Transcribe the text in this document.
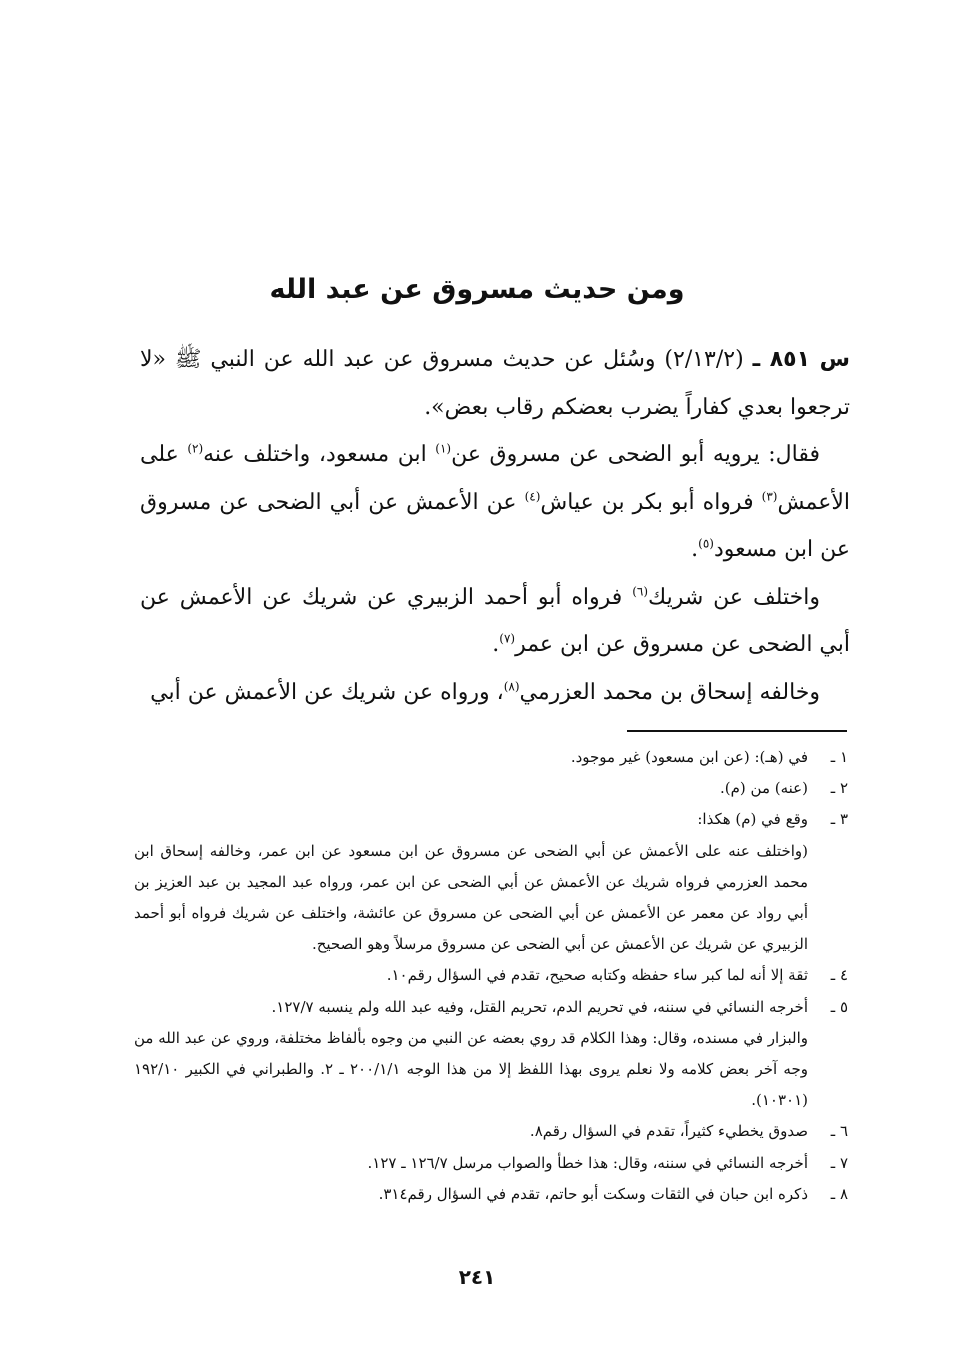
ومن حديث مسروق عن عبد الله

س ٨٥١ ـ (٢/١٣/٢) وسُئل عن حديث مسروق عن عبد الله عن النبي ﷺ «لا ترجعوا بعدي كفاراً يضرب بعضكم رقاب بعض».

فقال: يرويه أبو الضحى عن مسروق عن$^{(١)}$ ابن مسعود، واختلف عنه$^{(٢)}$ على الأعمش$^{(٣)}$ فرواه أبو بكر بن عياش$^{(٤)}$ عن الأعمش عن أبي الضحى عن مسروق عن ابن مسعود$^{(٥)}$.

واختلف عن شريك$^{(٦)}$ فرواه أبو أحمد الزبيري عن شريك عن الأعمش عن أبي الضحى عن مسروق عن ابن عمر$^{(٧)}$.

وخالفه إسحاق بن محمد العزرمي$^{(٨)}$، ورواه عن شريك عن الأعمش عن أبي

١ ـ
في (هـ): (عن ابن مسعود) غير موجود.
٢ ـ
(عنه) من (م).
٣ ـ
وقع في (م) هكذا:
(واختلف عنه على الأعمش عن أبي الضحى عن مسروق عن ابن مسعود عن ابن عمر، وخالفه إسحاق ابن محمد العزرمي فرواه شريك عن الأعمش عن أبي الضحى عن ابن عمر، ورواه عبد المجيد بن عبد العزيز بن أبي رواد عن معمر عن الأعمش عن أبي الضحى عن مسروق عن عائشة، واختلف عن شريك فرواه أبو أحمد الزبيري عن شريك عن الأعمش عن أبي الضحى عن مسروق مرسلاً وهو الصحيح.
٤ ـ
ثقة إلا أنه لما كبر ساء حفظه وكتابه صحيح، تقدم في السؤال رقم١٠.
٥ ـ
أخرجه النسائي في سننه، في تحريم الدم، تحريم القتل، وفيه عبد الله ولم ينسبه ١٢٧/٧.
والبزار في مسنده، وقال: وهذا الكلام قد روي بعضه عن النبي من وجوه بألفاظ مختلفة، وروي عن عبد الله من وجه آخر بعض كلامه ولا نعلم يروى بهذا اللفظ إلا من هذا الوجه ٢٠٠/١/١ ـ ٢. والطبراني في الكبير ١٩٢/١٠ (١٠٣٠١).
٦ ـ
صدوق يخطيء كثيراً، تقدم في السؤال رقم٨.
٧ ـ
أخرجه النسائي في سننه، وقال: هذا خطأ والصواب مرسل ١٢٦/٧ ـ ١٢٧.
٨ ـ
ذكره ابن حبان في الثقات وسكت أبو حاتم، تقدم في السؤال رقم٣١٤.
٢٤١
